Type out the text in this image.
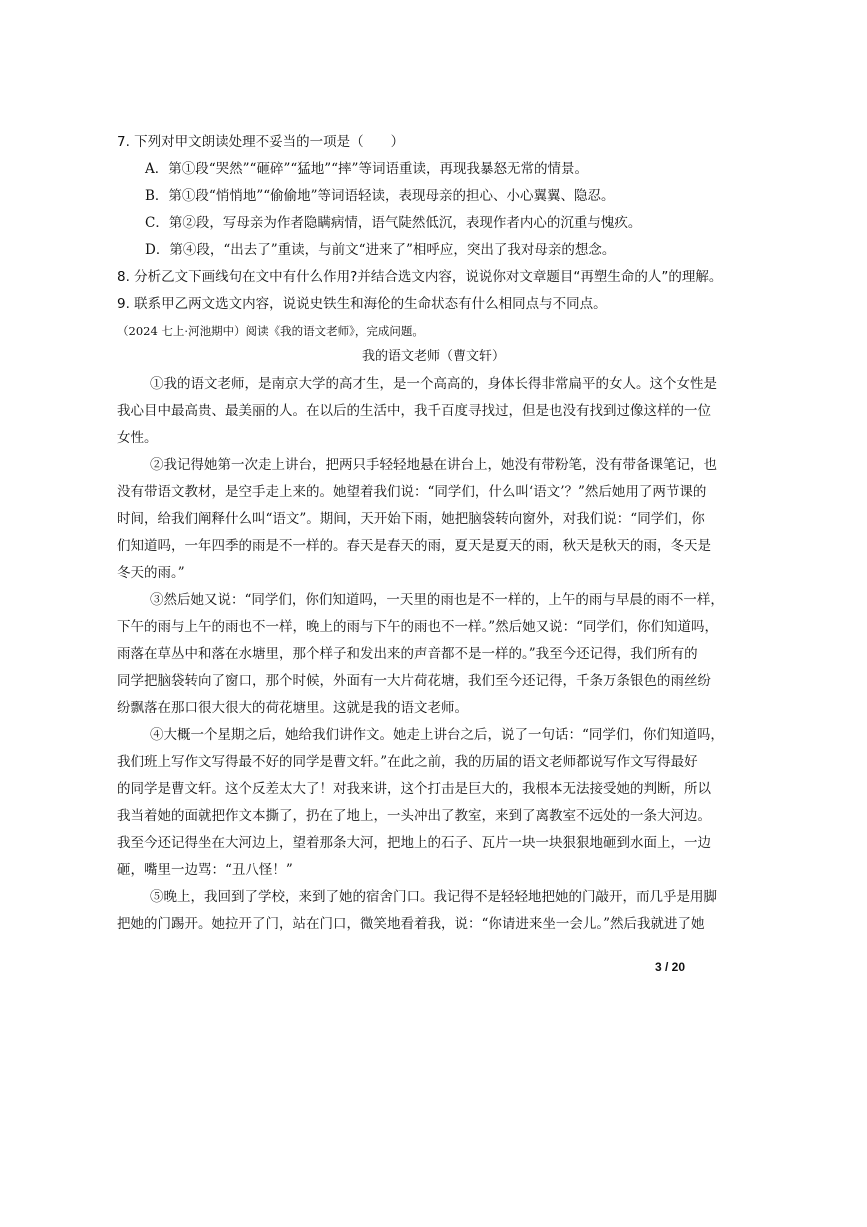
7. 下列对甲文朗读处理不妥当的一项是（　　）
A．第①段“哭然”“砸碎”“猛地”“摔”等词语重读，再现我暴怒无常的情景。
B．第①段“悄悄地”“偷偷地”等词语轻读，表现母亲的担心、小心翼翼、隐忍。
C．第②段，写母亲为作者隐瞒病情，语气陡然低沉，表现作者内心的沉重与愧疚。
D．第④段，“出去了”重读，与前文“进来了”相呼应，突出了我对母亲的想念。
8. 分析乙文下画线句在文中有什么作用?并结合选文内容，说说你对文章题目“再塑生命的人”的理解。
9. 联系甲乙两文选文内容，说说史铁生和海伦的生命状态有什么相同点与不同点。
（2024 七上·河池期中）阅读《我的语文老师》，完成问题。
我的语文老师（曹文轩）
①我的语文老师，是南京大学的高才生，是一个高高的，身体长得非常扁平的女人。这个女性是
我心目中最高贵、最美丽的人。在以后的生活中，我千百度寻找过，但是也没有找到过像这样的一位
女性。
②我记得她第一次走上讲台，把两只手轻轻地悬在讲台上，她没有带粉笔，没有带备课笔记，也
没有带语文教材，是空手走上来的。她望着我们说：“同学们，什么叫‘语文’？”然后她用了两节课的
时间，给我们阐释什么叫“语文”。期间，天开始下雨，她把脑袋转向窗外，对我们说：“同学们，你
们知道吗，一年四季的雨是不一样的。春天是春天的雨，夏天是夏天的雨，秋天是秋天的雨，冬天是
冬天的雨。”
③然后她又说：“同学们，你们知道吗，一天里的雨也是不一样的，上午的雨与早晨的雨不一样，
下午的雨与上午的雨也不一样，晚上的雨与下午的雨也不一样。”然后她又说：“同学们，你们知道吗，
雨落在草丛中和落在水塘里，那个样子和发出来的声音都不是一样的。”我至今还记得，我们所有的
同学把脑袋转向了窗口，那个时候，外面有一大片荷花塘，我们至今还记得，千条万条银色的雨丝纷
纷飘落在那口很大很大的荷花塘里。这就是我的语文老师。
④大概一个星期之后，她给我们讲作文。她走上讲台之后，说了一句话：“同学们，你们知道吗，
我们班上写作文写得最不好的同学是曹文轩。”在此之前，我的历届的语文老师都说写作文写得最好
的同学是曹文轩。这个反差太大了！对我来讲，这个打击是巨大的，我根本无法接受她的判断，所以
我当着她的面就把作文本撕了，扔在了地上，一头冲出了教室，来到了离教室不远处的一条大河边。
我至今还记得坐在大河边上，望着那条大河，把地上的石子、瓦片一块一块狠狠地砸到水面上，一边
砸，嘴里一边骂：“丑八怪！”
⑤晚上，我回到了学校，来到了她的宿舍门口。我记得不是轻轻地把她的门敲开，而几乎是用脚
把她的门踢开。她拉开了门，站在门口，微笑地看着我，说：“你请进来坐一会儿。”然后我就进了她
3 / 20
